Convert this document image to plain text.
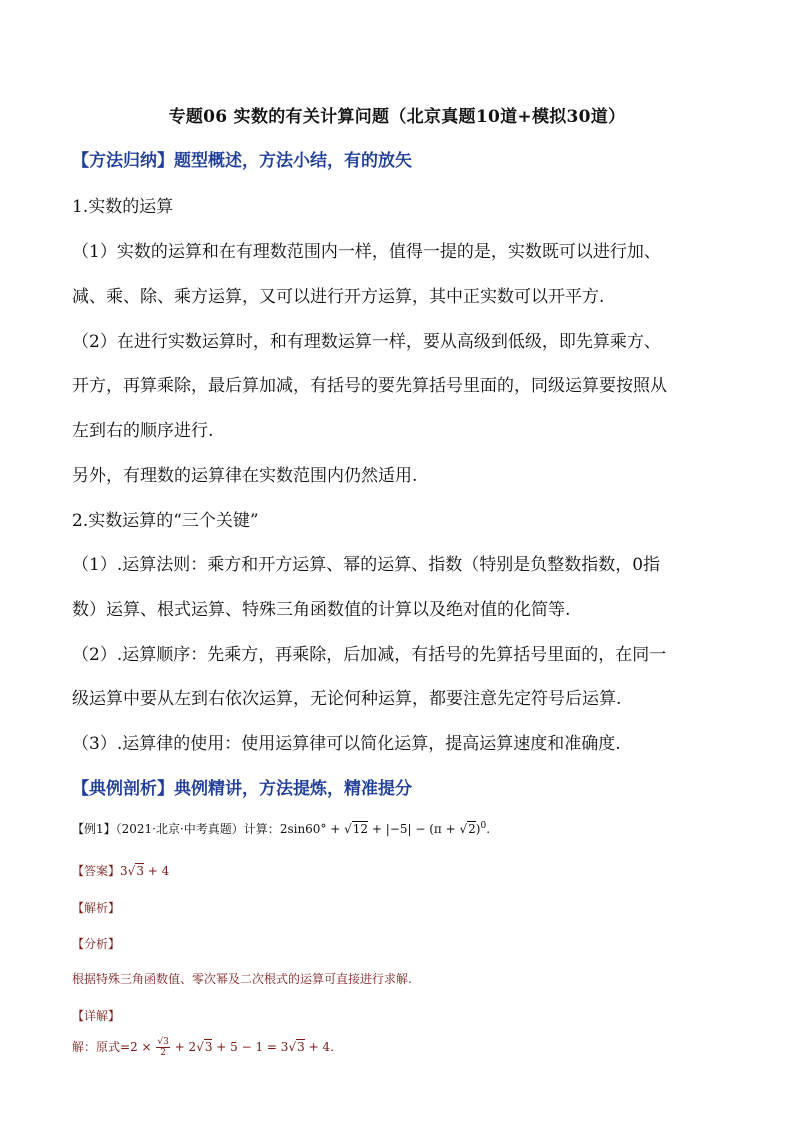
专题06 实数的有关计算问题（北京真题10道+模拟30道）
【方法归纳】题型概述，方法小结，有的放矢
1.实数的运算
（1）实数的运算和在有理数范围内一样，值得一提的是，实数既可以进行加、
减、乘、除、乘方运算，又可以进行开方运算，其中正实数可以开平方.
（2）在进行实数运算时，和有理数运算一样，要从高级到低级，即先算乘方、
开方，再算乘除，最后算加减，有括号的要先算括号里面的，同级运算要按照从
左到右的顺序进行.
另外，有理数的运算律在实数范围内仍然适用.
2.实数运算的“三个关键”
（1）.运算法则：乘方和开方运算、幂的运算、指数（特别是负整数指数，0指
数）运算、根式运算、特殊三角函数值的计算以及绝对值的化简等.
（2）.运算顺序：先乘方，再乘除，后加减，有括号的先算括号里面的，在同一
级运算中要从左到右依次运算，无论何种运算，都要注意先定符号后运算.
（3）.运算律的使用：使用运算律可以简化运算，提高运算速度和准确度.
【典例剖析】典例精讲，方法提炼，精准提分
【例1】（2021·北京·中考真题）计算：$2\sin 60^\circ + √12 + |-5| - (\pi + √2)^0$.
【答案】3√3 + 4
【解析】
【分析】
根据特殊三角函数值、零次幂及二次根式的运算可直接进行求解.
【详解】
解：原式$=2 \times \frac{√3}{2} + 2√3 + 5 - 1 = 3√3 + 4$.
